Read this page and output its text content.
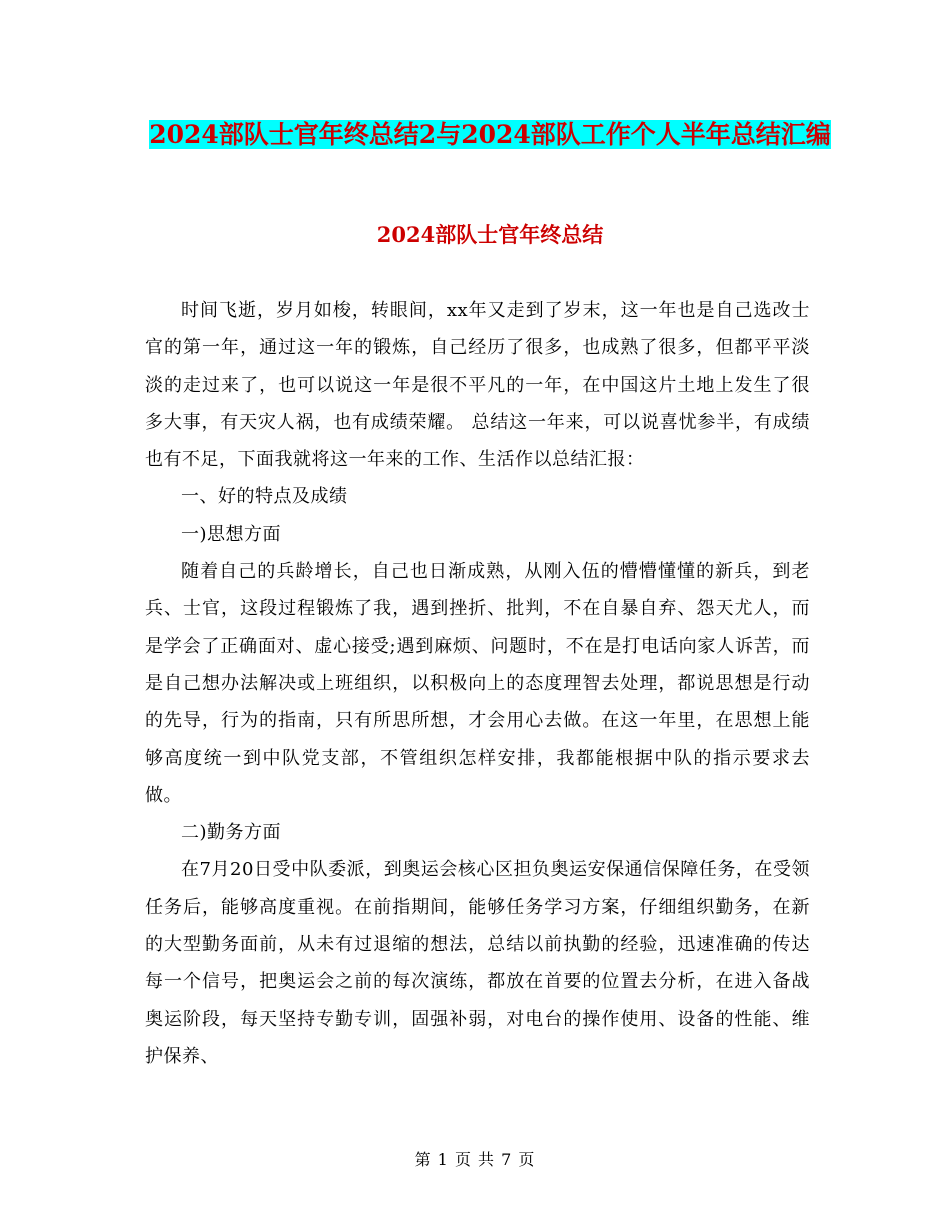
2024部队士官年终总结2与2024部队工作个人半年总结汇编
2024部队士官年终总结

时间飞逝，岁月如梭，转眼间，xx年又走到了岁末，这一年也是自己选改士官的第一年，通过这一年的锻炼，自己经历了很多，也成熟了很多，但都平平淡淡的走过来了，也可以说这一年是很不平凡的一年，在中国这片土地上发生了很多大事，有天灾人祸，也有成绩荣耀。 总结这一年来，可以说喜忧参半，有成绩也有不足，下面我就将这一年来的工作、生活作以总结汇报：

一、好的特点及成绩

一)思想方面

随着自己的兵龄增长，自己也日渐成熟，从刚入伍的懵懵懂懂的新兵，到老兵、士官，这段过程锻炼了我，遇到挫折、批判，不在自暴自弃、怨天尤人，而是学会了正确面对、虚心接受;遇到麻烦、问题时，不在是打电话向家人诉苦，而是自己想办法解决或上班组织，以积极向上的态度理智去处理，都说思想是行动的先导，行为的指南，只有所思所想，才会用心去做。在这一年里，在思想上能够高度统一到中队党支部，不管组织怎样安排，我都能根据中队的指示要求去做。

二)勤务方面

在7月20日受中队委派，到奥运会核心区担负奥运安保通信保障任务，在受领任务后，能够高度重视。在前指期间，能够任务学习方案，仔细组织勤务，在新的大型勤务面前，从未有过退缩的想法，总结以前执勤的经验，迅速准确的传达每一个信号，把奥运会之前的每次演练，都放在首要的位置去分析，在进入备战奥运阶段，每天坚持专勤专训，固强补弱，对电台的操作使用、设备的性能、维护保养、

第 1 页 共 7 页
